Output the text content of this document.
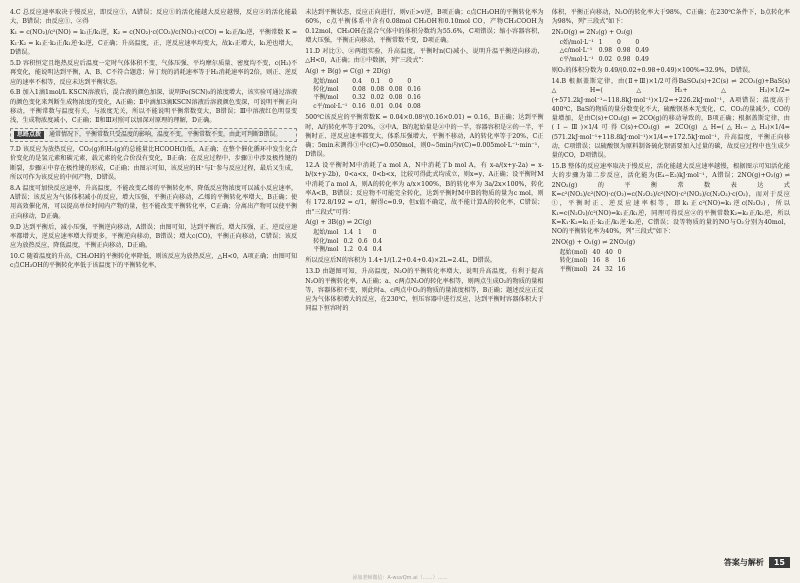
4.C 总反应速率取决于慢反应，即反应①，A错误；反应①的活化能越大反应越慢，反应②的活化能最大，B错误；由反应①、②得

K₁ = c(NO₂)/c²(NO) = k₁正/k₁逆，K₂ = c(NO₂)·c(CO₂)/c(NO₂)·c(CO) = k₂正/k₂逆，平衡常数 K =

K₁·K₂ = k₁正·k₂正/k₁逆·k₂逆，C正确；升高温度，正、逆反应速率均变大，故k₁正增大，k₁逆也增大，D错误。

5.D 容积恒定且绝热反应后温度一定时气体体积不变，气体压强、平均摩尔质量、密度均不变，c(H₂)不再变化，能说明达到平衡，A、B、C不符合题意；异丁烷的消耗速率等于H₂消耗速率的2倍，则正、逆反应的速率不相等，反应未达到平衡状态。

6.B 加入1滴1mol/L KSCN溶液后，混合液的颜色加深，说明Fe(SCN)₃的浓度增大，该实验可通过溶液的颜色变化来判断生成物浓度的变化，A正确；Ⅱ中滴加3滴KSCN溶液后溶液颜色变深，可说明平衡正向移动，平衡常数与温度有关，与浓度无关，所以不能说明平衡常数变大，B错误；Ⅲ中溶液红色明显变浅，生成物浓度减小，C正确；Ⅱ和Ⅲ对照可以加深对原理的理解，D正确。

思路点拨 通常情况下，平衡常数只受温度的影响，温度不变，平衡常数不变，由此可判断B错误。

7.D 该反应为放热反应，CO₂(g)和H₂(g)的总能量比HCOOH(l)低，A正确；在整个催化循环中发生化合价变化的是氢元素和碳元素，载元素的化合价没有变化，B正确；在反应过程中，步骤①中涉及极性键的断裂，步骤④中存在极性键的形成，C正确；由图示可知，该反应的H⁺与I⁻参与反应过程，最后又生成，所以可作为该反应的中间产物，D错误。

8.A 温度可加快反应速率，升高温度，不能改变乙烯的平衡转化率，降低反应物浓度可以减小反应速率，A错误；该反应为气体体积减小的反应，增大压强，平衡正向移动，乙烯的平衡转化率增大，B正确；使用高效催化剂，可以提高单位时间内产物的量，但不能改变平衡转化率，C正确；分离出产物可以使平衡正向移动，D正确。

9.D 达到平衡后，减小压强，平衡逆向移动，A错误；由图可知，达到平衡后，增大压强，正、逆反应速率都增大，逆反应速率增大得更多，平衡逆向移动，B错误；增大c(CO)，平衡正向移动，C错误；该反应为放热反应，降低温度，平衡正向移动，D正确。

10.C 随着温度的升高，CH₃OH的平衡转化率降低，则该反应为放热反应，△H<0，A项正确；由图可知c点CH₃OH的平衡转化率低于该温度下的平衡转化率，

未达到平衡状态，反应正向进行，则v正>v逆，B项正确；c点CH₃OH的平衡转化率为60%，c点平衡体系中含有0.08mol CH₃OH和0.10mol CO，产物CH₃COOH为0.12mol，CH₃OH在混合气体中的体积分数约为55.6%，C项错误；缩小容器容积，增大压强，平衡正向移动，平衡常数不变，D项正确。

11.D 对比①、②两组实验，升高温度，平衡时n(C)减小，说明升温平衡逆向移动，△H<0，A正确；由①中数据，列"三段式"：

A(g) + B(g) ⇌ C(g) + 2D(g)

起始/mol	0.4	0.1	0	0
转化/mol	0.08	0.08	0.08	0.16
平衡/mol	0.32	0.02	0.08	0.16
c平/mol·L⁻¹	0.16	0.01	0.04	0.08

500℃该反应的平衡常数K = 0.04×0.08²/(0.16×0.01) = 0.16，B正确；达到平衡时，A的转化率等于20%，③中A、B的起始量是②中的一半，容器容积是②的一半，平衡时正、逆反应速率都变大，体系压强增大，平衡不移动，A的转化率等于20%，C正确；5min末测得①中c(C)=0.050mol，则0~5min内v(C)=0.005mol·L⁻¹·min⁻¹，D错误。

12.A 设平衡时M中消耗了a mol A，N中消耗了b mol A，有 x-a/(x+y-2a) = x-b/(x+y-2b)，0<a<x，0<b<x，比较可得此式均成立，则x=y，A正确；设平衡时M中消耗了a mol A，则A的转化率为 a/x×100%，B的转化率为 3a/2x×100%，转化率A<B，B错误；反应物不可能完全转化，达到平衡时M中B的物质的量为c mol，则有 172.8/192 = c/1，解得c=0.9，但x值不确定，故不能计算A的转化率，C错误；由"三段式"可得：

A(g) + 3B(g) ⇌ 2C(g)

起始/mol	1.4	1	0
转化/mol	0.2	0.6	0.4
平衡/mol	1.2	0.4	0.4

所以反应后N的容积为 1.4+1/(1.2+0.4+0.4)×2L=2.4L，D错误。

13.D 由题图可知，升高温度，N₂O的平衡转化率增大，说明升高温度，有利于提高N₂O的平衡转化率，A正确；a、c两点N₂O的转化率相等，则两点生成O₂的物质的量相等，容器体积不变，则此时a、c两点中O₂的物质的量浓度相等，B正确；题述反应正反应为气体体积增大的反应，在230℃，恒压容器中进行反应，达到平衡时容器体积大于同温下恒容时的

体积，平衡正向移动，N₂O的转化率大于98%，C正确；在230℃条件下，b点转化率为98%，列"三段式"如下：

2N₂O(g) ⇌ 2N₂(g) + O₂(g)

c始/mol·L⁻¹	1	0	0
△c/mol·L⁻¹	0.98	0.98	0.49
c平/mol·L⁻¹	0.02	0.98	0.49

则O₂的体积分数为 0.49/(0.02+0.98+0.49)×100%≈32.9%，D错误。

14.B 根据盖斯定律，由(Ⅱ+Ⅲ)×1/2可得BaSO₄(s)+2C(s) ⇌ 2CO₂(g)+BaS(s) △H=(△H₂+△H₃)×1/2=(+571.2kJ·mol⁻¹−118.8kJ·mol⁻¹)×1/2=+226.2kJ·mol⁻¹，A项错误；温度高于400℃，BaS的物质的量分数变化不大，硫酸钡基本无变化，C、CO₂的量减少，CO的量增加，是由C(s)+CO₂(g) ⇌ 2CO(g)的移动导致的，B项正确；根据盖斯定律，由(Ⅰ−Ⅲ)×1/4可得C(s)+CO₂(g) ⇌ 2CO(g) △H=(△H₁−△H₃)×1/4=(571.2kJ·mol⁻¹+118.8kJ·mol⁻¹)×1/4=+172.5kJ·mol⁻¹，升高温度，平衡正向移动，C项错误；以硫酸钡为原料制备硫化钡需要加入过量的碳，故反应过程中也生成少量的CO，D项错误。

15.B 整体的反应速率取决于慢反应，活化能越大反应速率越慢，根据图示可知活化能大的步骤为第二步反应，活化能为(E₄−E₂)kJ·mol⁻¹，A错误；2NO(g)+O₂(g) ⇌ 2NO₂(g)的平衡常数表达式K=c²(NO₂)/c²(NO)·c(O₂)=c(N₂O₂)/c²(NO)·c²(NO₂)/c(N₂O₂)·c(O₂)，而对于反应①，平衡时正、逆反应速率相等，即k₁正c²(NO)=k₁逆c(N₂O₂)，所以K₁=c(N₂O₂)/c²(NO)=k₁正/k₁逆，同理可得反应②的平衡常数K₂=k₂正/k₂逆，所以K=K₁·K₂=k₁正·k₂正/k₁逆·k₂逆，C错误；设等物质的量的NO与O₂分别为40mol，NO的平衡转化率为40%，列"三段式"如下：

2NO(g) + O₂(g) ⇌ 2NO₂(g)

起始(mol)	40	40	0
转化(mol)	16	8	16
平衡(mol)	24	32	16
答案与解析	15
添加老师微信：A-wuvQm.ai（……）……
